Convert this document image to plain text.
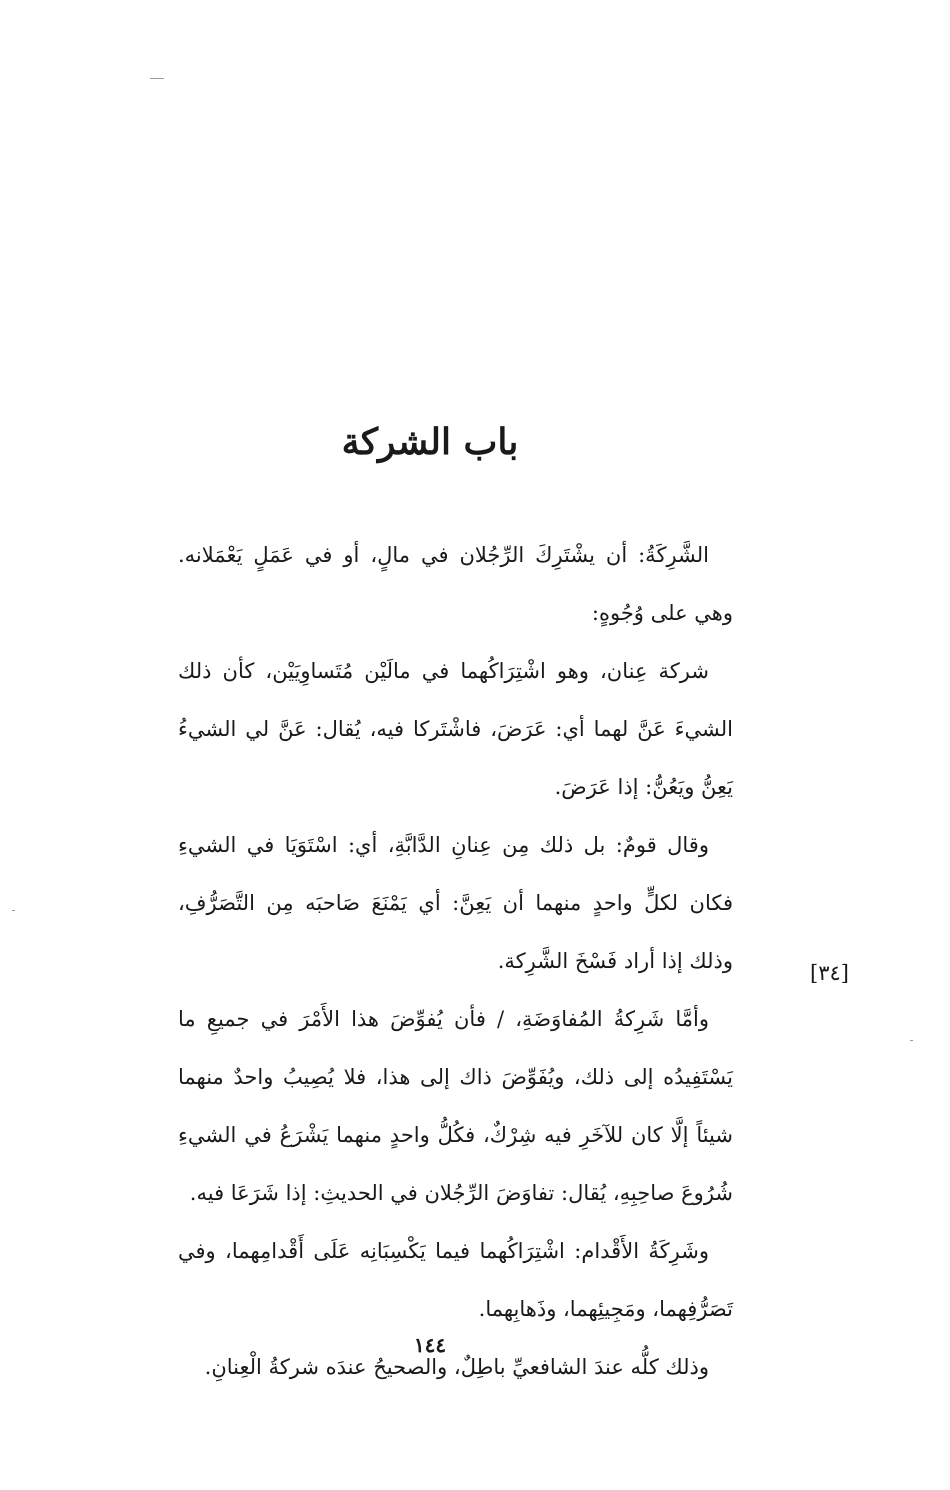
باب الشركة

الشَّرِكَةُ: أن يشْتَرِكَ الرِّجُلان في مالٍ، أو في عَمَلٍ يَعْمَلانه. وهي على وُجُوهٍ:

شركة عِنان، وهو اشْتِرَاكُهما في مالَيْن مُتَساوِيَيْن، كأن ذلك الشيءَ عَنَّ لهما أي: عَرَضَ، فاشْتَركا فيه، يُقال: عَنَّ لي الشيءُ يَعِنُّ ويَعُنُّ: إذا عَرَضَ.

وقال قومٌ: بل ذلك مِن عِنانِ الدَّابَّةِ، أي: اسْتَوَيَا في الشيءِ فكان لكلٍّ واحدٍ منهما أن يَعِنَّ: أي يَمْنَعَ صَاحبَه مِن التَّصَرُّفِ، وذلك إذا أراد فَسْخَ الشَّرِكة.

وأمَّا شَرِكةُ المُفاوَضَةِ، / فأن يُفوِّضَ هذا الأَمْرَ في جميعِ ما يَسْتَفِيدُه إلى ذلك، ويُفَوِّضَ ذاك إلى هذا، فلا يُصِيبُ واحدٌ منهما شيئاً إلَّا كان للآخَرِ فيه شِرْكٌ، فكُلُّ واحدٍ منهما يَشْرَعُ في الشيءِ شُرُوعَ صاحِبِهِ، يُقال: تفاوَضَ الرِّجُلان في الحديثِ: إذا شَرَعَا فيه.

وشَرِكَةُ الأَقْدام: اشْتِرَاكُهما فيما يَكْسِبَانِه عَلَى أَقْدامِهما، وفي تَصَرُّفِهما، ومَجِيئِهما، وذَهابِهما.

وذلك كلُّه عندَ الشافعيِّ باطِلٌ، والصحيحُ عندَه شركةُ الْعِنانِ.

[٣٤]
١٤٤
